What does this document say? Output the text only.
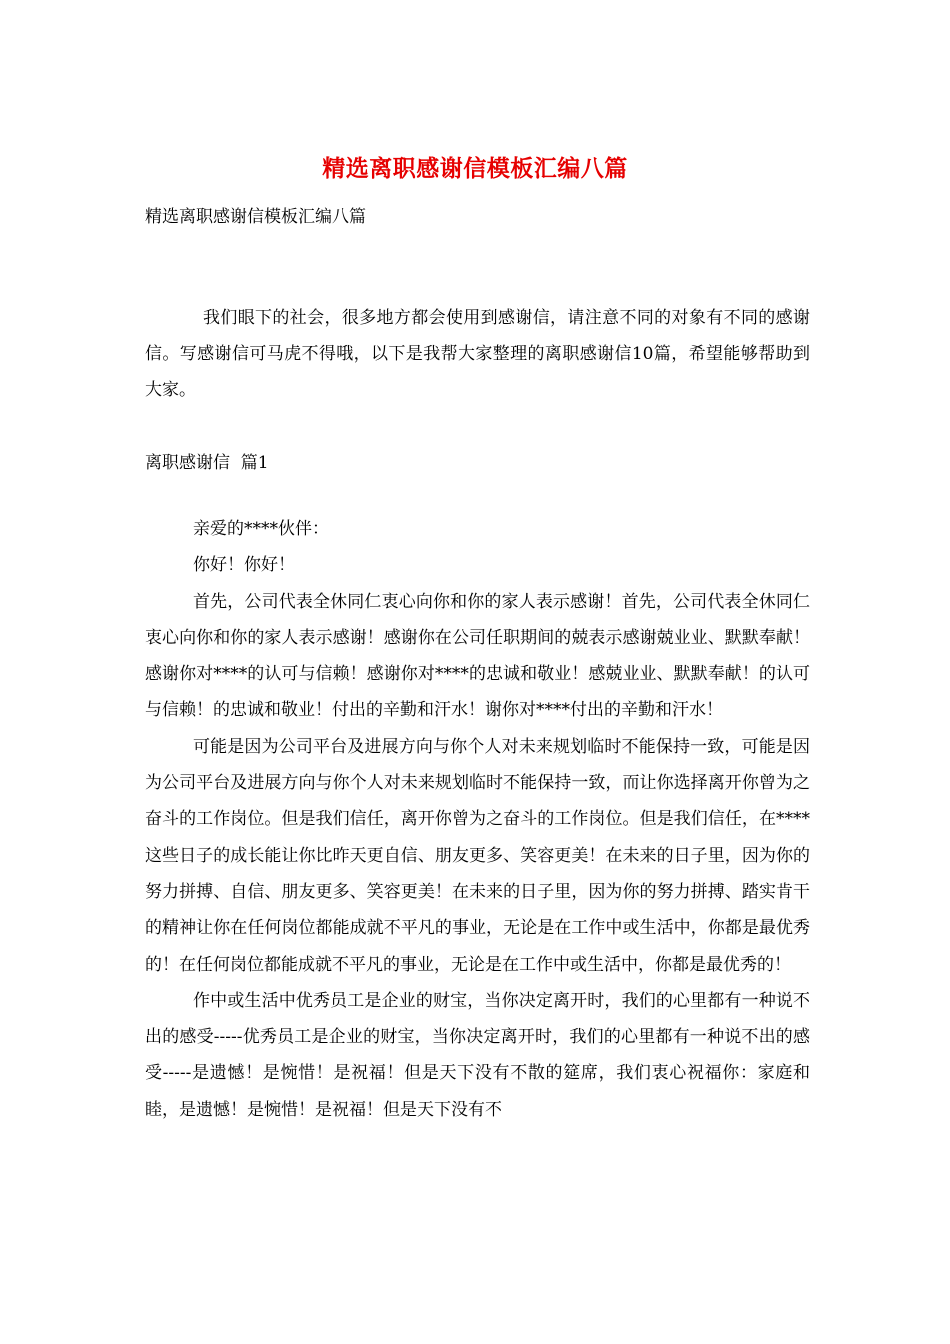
精选离职感谢信模板汇编八篇

精选离职感谢信模板汇编八篇

我们眼下的社会，很多地方都会使用到感谢信，请注意不同的对象有不同的感谢信。写感谢信可马虎不得哦，以下是我帮大家整理的离职感谢信10篇，希望能够帮助到大家。

离职感谢信  篇1

亲爱的****伙伴：

你好！你好！

首先，公司代表全休同仁衷心向你和你的家人表示感谢！首先，公司代表全休同仁衷心向你和你的家人表示感谢！感谢你在公司任职期间的兢表示感谢兢业业、默默奉献！感谢你对****的认可与信赖！感谢你对****的忠诚和敬业！感兢业业、默默奉献！的认可与信赖！的忠诚和敬业！付出的辛勤和汗水！谢你对****付出的辛勤和汗水！

可能是因为公司平台及进展方向与你个人对未来规划临时不能保持一致，可能是因为公司平台及进展方向与你个人对未来规划临时不能保持一致，而让你选择离开你曾为之奋斗的工作岗位。但是我们信任，离开你曾为之奋斗的工作岗位。但是我们信任，在****这些日子的成长能让你比昨天更自信、朋友更多、笑容更美！在未来的日子里，因为你的努力拼搏、自信、朋友更多、笑容更美！在未来的日子里，因为你的努力拼搏、踏实肯干的精神让你在任何岗位都能成就不平凡的事业，无论是在工作中或生活中，你都是最优秀的！在任何岗位都能成就不平凡的事业，无论是在工作中或生活中，你都是最优秀的！

作中或生活中优秀员工是企业的财宝，当你决定离开时，我们的心里都有一种说不出的感受-----优秀员工是企业的财宝，当你决定离开时，我们的心里都有一种说不出的感受-----是遗憾！是惋惜！是祝福！但是天下没有不散的筵席，我们衷心祝福你：家庭和睦，是遗憾！是惋惜！是祝福！但是天下没有不
